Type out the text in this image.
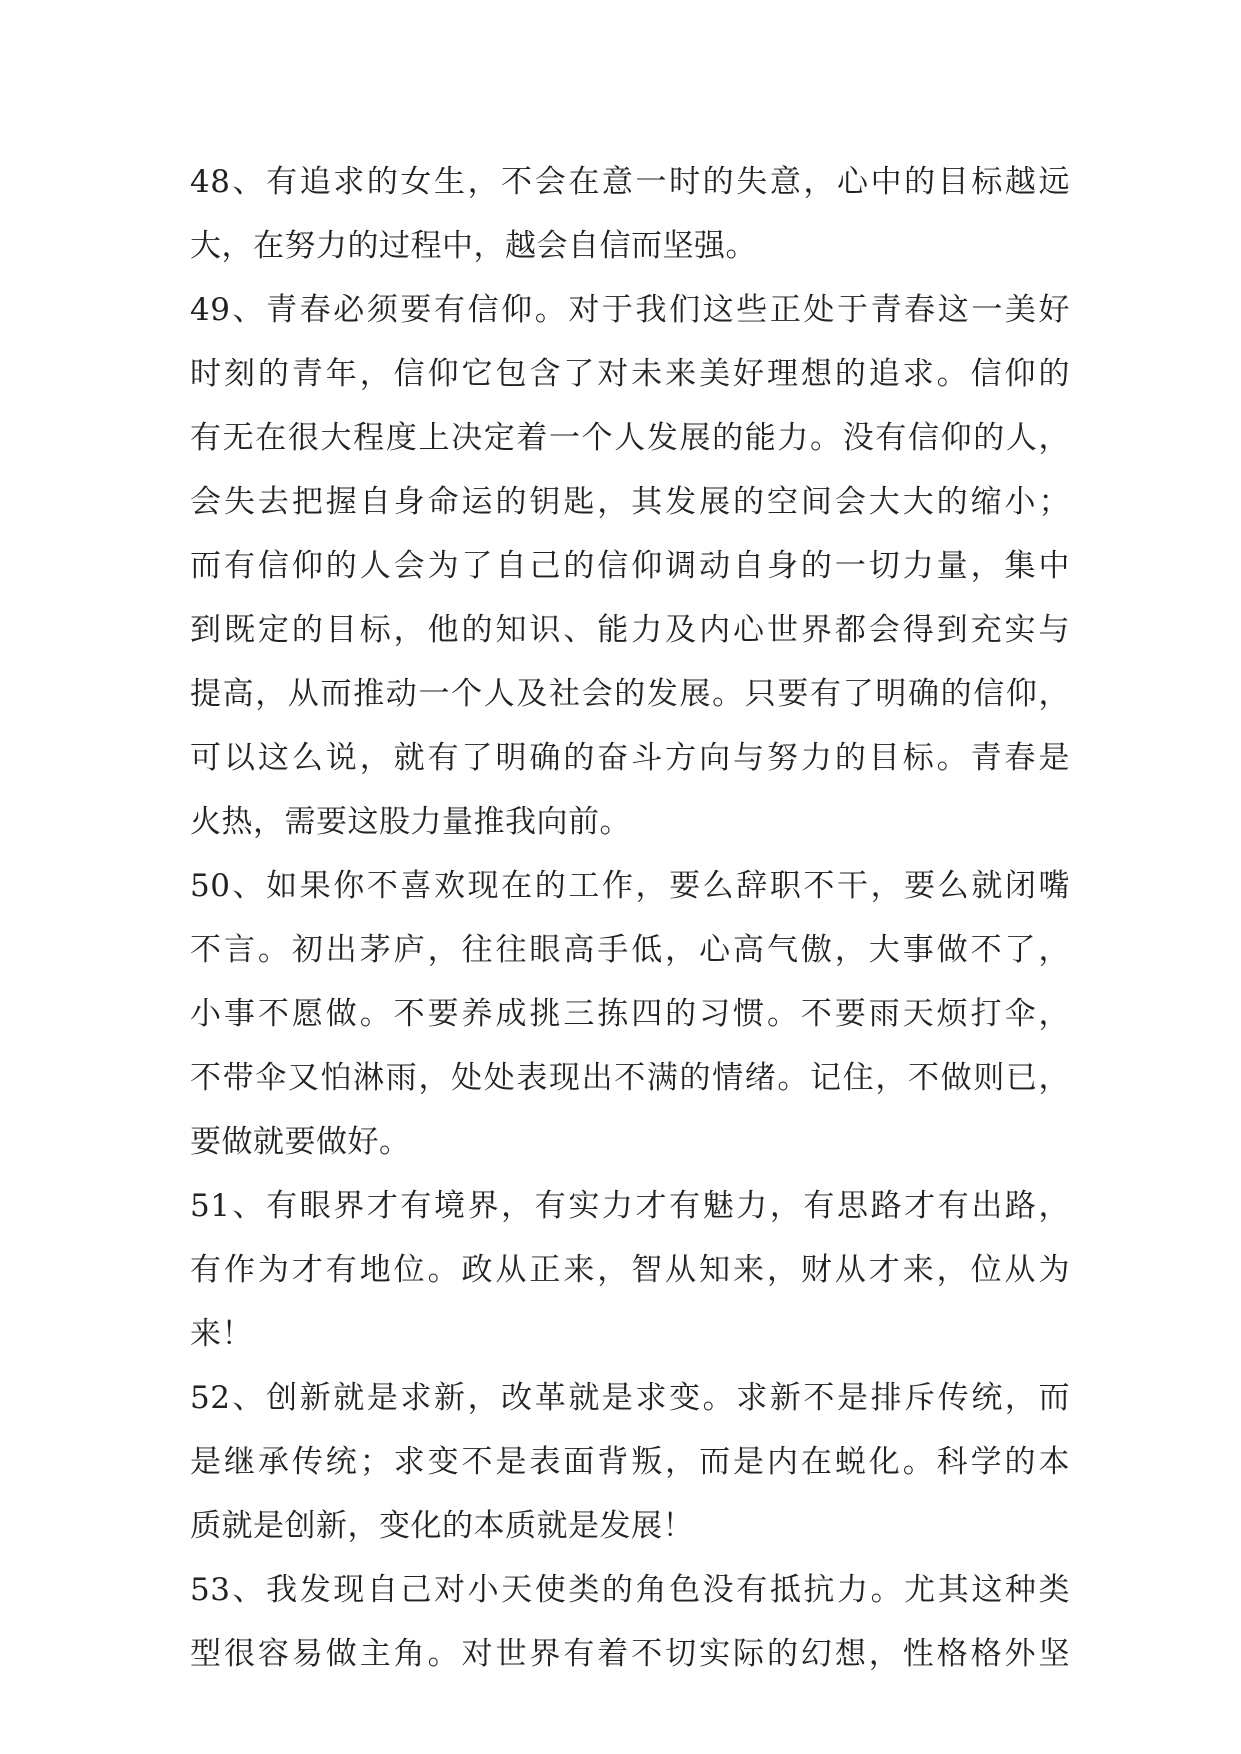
48、有追求的女生，不会在意一时的失意，心中的目标越远
大，在努力的过程中，越会自信而坚强。
49、青春必须要有信仰。对于我们这些正处于青春这一美好
时刻的青年，信仰它包含了对未来美好理想的追求。信仰的
有无在很大程度上决定着一个人发展的能力。没有信仰的人，
会失去把握自身命运的钥匙，其发展的空间会大大的缩小；
而有信仰的人会为了自己的信仰调动自身的一切力量，集中
到既定的目标，他的知识、能力及内心世界都会得到充实与
提高，从而推动一个人及社会的发展。只要有了明确的信仰，
可以这么说，就有了明确的奋斗方向与努力的目标。青春是
火热，需要这股力量推我向前。
50、如果你不喜欢现在的工作，要么辞职不干，要么就闭嘴
不言。初出茅庐，往往眼高手低，心高气傲，大事做不了，
小事不愿做。不要养成挑三拣四的习惯。不要雨天烦打伞，
不带伞又怕淋雨，处处表现出不满的情绪。记住，不做则已，
要做就要做好。
51、有眼界才有境界，有实力才有魅力，有思路才有出路，
有作为才有地位。政从正来，智从知来，财从才来，位从为
来！
52、创新就是求新，改革就是求变。求新不是排斥传统，而
是继承传统；求变不是表面背叛，而是内在蜕化。科学的本
质就是创新，变化的本质就是发展！
53、我发现自己对小天使类的角色没有抵抗力。尤其这种类
型很容易做主角。对世界有着不切实际的幻想，性格格外坚
